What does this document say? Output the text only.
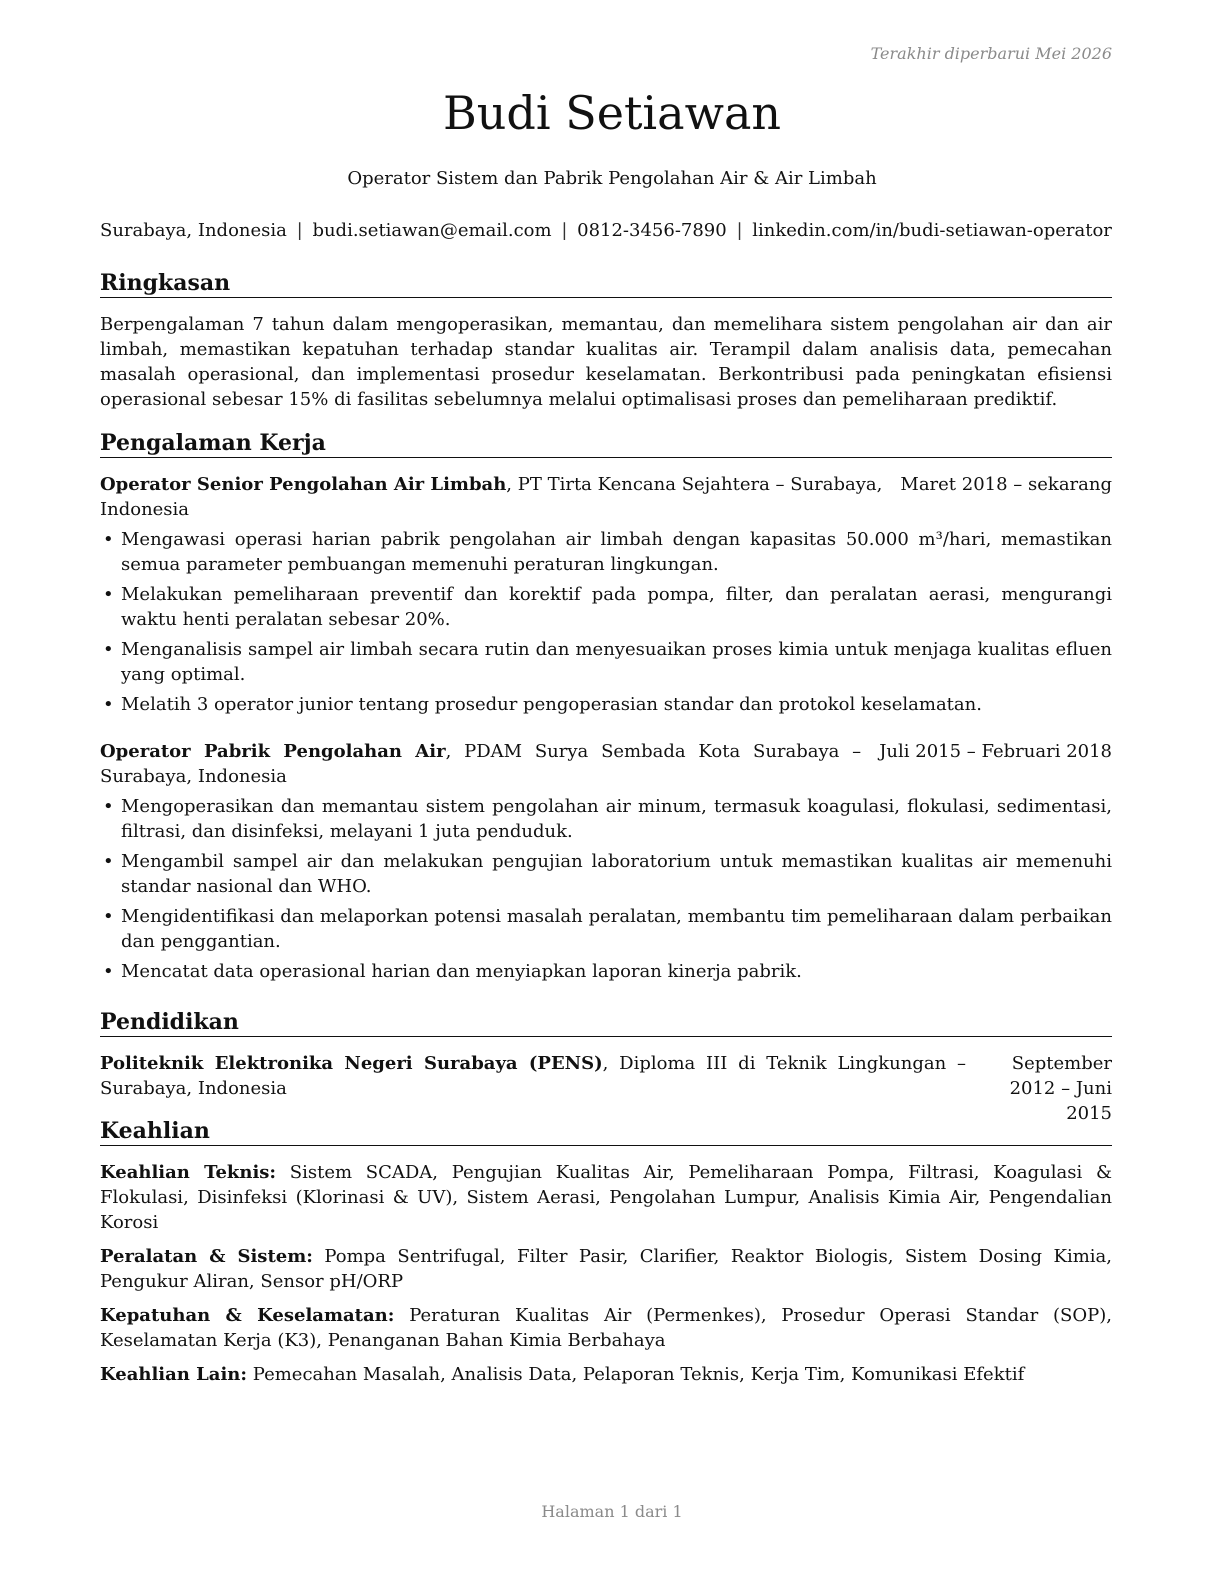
Terakhir diperbarui Mei 2026
Budi Setiawan
Operator Sistem dan Pabrik Pengolahan Air & Air Limbah
Surabaya, Indonesia | budi.setiawan@email.com | 0812-3456-7890 | linkedin.com/in/budi-setiawan-operator
Ringkasan

Berpengalaman 7 tahun dalam mengoperasikan, memantau, dan memelihara sistem pengolahan air dan air limbah, memastikan kepatuhan terhadap standar kualitas air. Terampil dalam analisis data, pemecahan masalah operasional, dan implementasi prosedur keselamatan. Berkontribusi pada peningkatan efisiensi operasional sebesar 15% di fasilitas sebelumnya melalui optimalisasi proses dan pemeliharaan prediktif.

Pengalaman Kerja
Operator Senior Pengolahan Air Limbah, PT Tirta Kencana Sejahtera – Surabaya, Indonesia
Maret 2018 – sekarang
• Mengawasi operasi harian pabrik pengolahan air limbah dengan kapasitas 50.000 m³/hari, memastikan semua parameter pembuangan memenuhi peraturan lingkungan.
• Melakukan pemeliharaan preventif dan korektif pada pompa, filter, dan peralatan aerasi, mengurangi waktu henti peralatan sebesar 20%.
• Menganalisis sampel air limbah secara rutin dan menyesuaikan proses kimia untuk menjaga kualitas efluen yang optimal.
• Melatih 3 operator junior tentang prosedur pengoperasian standar dan protokol keselamatan.
Operator Pabrik Pengolahan Air, PDAM Surya Sembada Kota Surabaya – Surabaya, Indonesia
Juli 2015 – Februari 2018
• Mengoperasikan dan memantau sistem pengolahan air minum, termasuk koagulasi, flokulasi, sedimentasi, filtrasi, dan disinfeksi, melayani 1 juta penduduk.
• Mengambil sampel air dan melakukan pengujian laboratorium untuk memastikan kualitas air memenuhi standar nasional dan WHO.
• Mengidentifikasi dan melaporkan potensi masalah peralatan, membantu tim pemeliharaan dalam perbaikan dan penggantian.
• Mencatat data operasional harian dan menyiapkan laporan kinerja pabrik.
Pendidikan
Politeknik Elektronika Negeri Surabaya (PENS), Diploma III di Teknik Lingkungan – Surabaya, Indonesia
September 2012 – Juni 2015
Keahlian
Keahlian Teknis: Sistem SCADA, Pengujian Kualitas Air, Pemeliharaan Pompa, Filtrasi, Koagulasi & Flokulasi, Disinfeksi (Klorinasi & UV), Sistem Aerasi, Pengolahan Lumpur, Analisis Kimia Air, Pengendalian Korosi
Peralatan & Sistem: Pompa Sentrifugal, Filter Pasir, Clarifier, Reaktor Biologis, Sistem Dosing Kimia, Pengukur Aliran, Sensor pH/ORP
Kepatuhan & Keselamatan: Peraturan Kualitas Air (Permenkes), Prosedur Operasi Standar (SOP), Keselamatan Kerja (K3), Penanganan Bahan Kimia Berbahaya
Keahlian Lain: Pemecahan Masalah, Analisis Data, Pelaporan Teknis, Kerja Tim, Komunikasi Efektif
Halaman 1 dari 1
